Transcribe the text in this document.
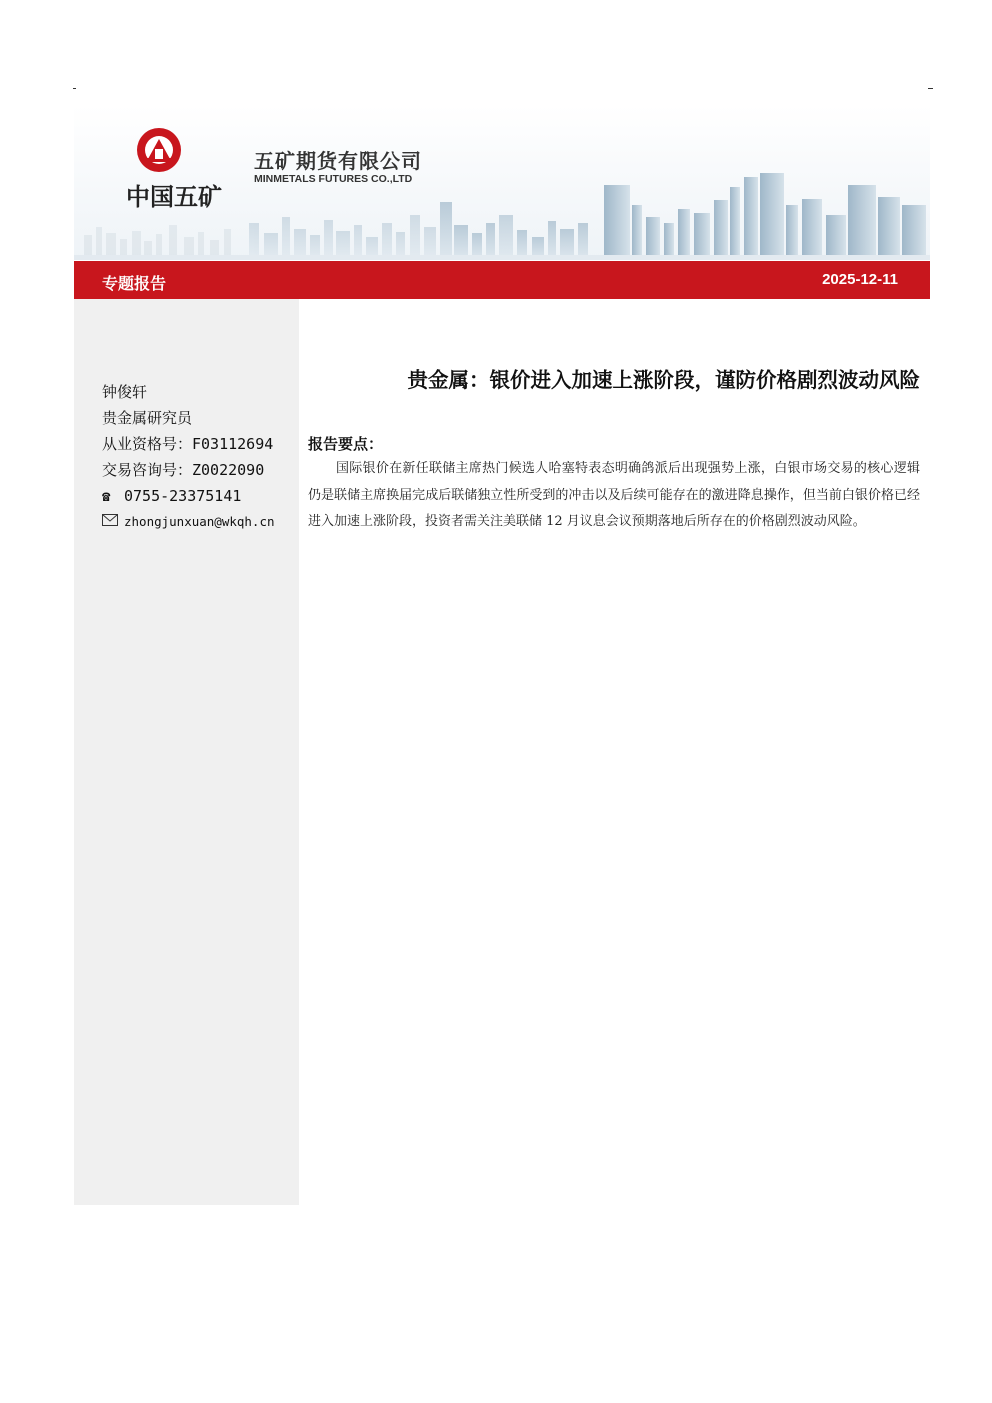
中国五矿
五矿期货有限公司
MINMETALS FUTURES CO.,LTD
专题报告	2025-12-11
钟俊轩
贵金属研究员
从业资格号：F03112694
交易咨询号：Z0022090
☎ 0755-23375141
zhongjunxuan@wkqh.cn
贵金属：银价进入加速上涨阶段，谨防价格剧烈波动风险
报告要点：

国际银价在新任联储主席热门候选人哈塞特表态明确鸽派后出现强势上涨，白银市场交易的核心逻辑仍是联储主席换届完成后联储独立性所受到的冲击以及后续可能存在的激进降息操作，但当前白银价格已经进入加速上涨阶段，投资者需关注美联储 12 月议息会议预期落地后所存在的价格剧烈波动风险。
